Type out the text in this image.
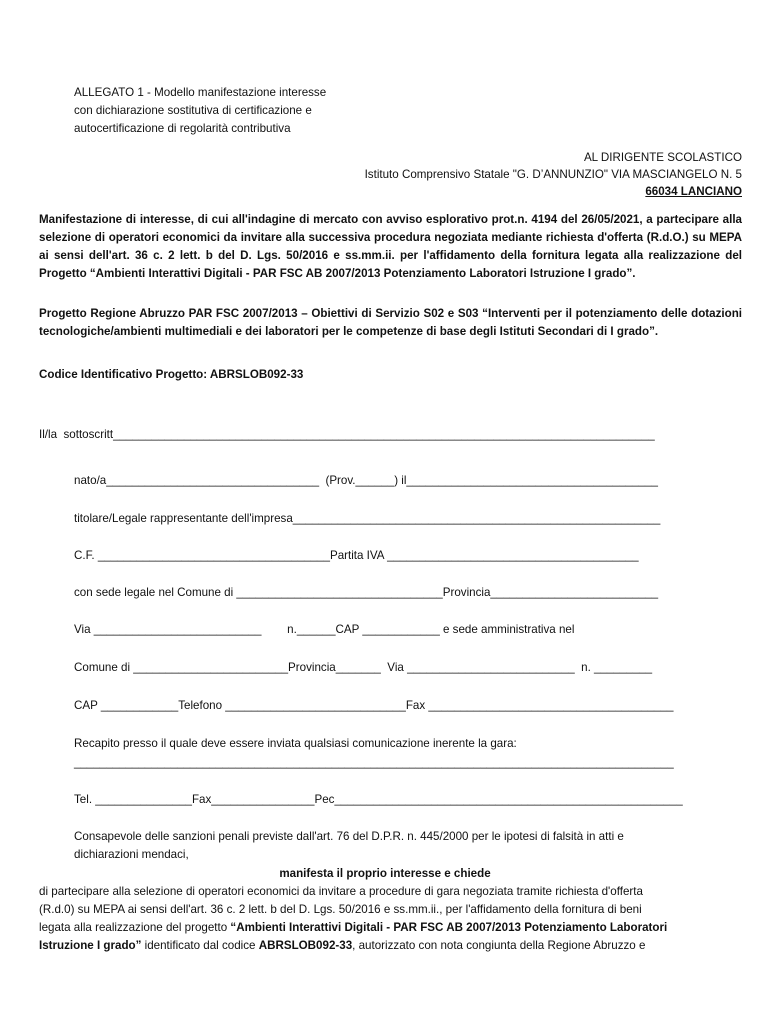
ALLEGATO 1 - Modello manifestazione interesse
con dichiarazione sostitutiva di certificazione e
autocertificazione di regolarità contributiva
AL DIRIGENTE SCOLASTICO
Istituto Comprensivo Statale "G. D’ANNUNZIO" VIA MASCIANGELO N. 5
66034 LANCIANO
Manifestazione di interesse, di cui all'indagine di mercato con avviso esplorativo prot.n. 4194 del 26/05/2021, a partecipare alla selezione di operatori economici da invitare alla successiva procedura negoziata mediante richiesta d'offerta (R.d.O.) su MEPA ai sensi dell'art. 36 c. 2 lett. b del D. Lgs. 50/2016 e ss.mm.ii. per l'affidamento della fornitura legata alla realizzazione del Progetto “Ambienti Interattivi Digitali - PAR FSC AB 2007/2013 Potenziamento Laboratori Istruzione I grado”.
Progetto Regione Abruzzo PAR FSC 2007/2013 – Obiettivi di Servizio S02 e S03 “Interventi per il potenziamento delle dotazioni tecnologiche/ambienti multimediali e dei laboratori per le competenze di base degli Istituti Secondari di I grado”.
Codice Identificativo Progetto: ABRSLOB092-33
Il/la  sottoscritt____________________________________________________________________________________
nato/a_________________________________  (Prov.______) il_______________________________________
titolare/Legale rappresentante dell'impresa_________________________________________________________
C.F. ____________________________________Partita IVA _______________________________________
con sede legale nel Comune di ________________________________Provincia__________________________
Via __________________________        n.______CAP ____________ e sede amministrativa nel
Comune di ________________________Provincia_______  Via __________________________  n. _________
CAP ____________Telefono ____________________________Fax ______________________________________
Recapito presso il quale deve essere inviata qualsiasi comunicazione inerente la gara:
_____________________________________________________________________________________________
Tel. _______________Fax________________Pec______________________________________________________
Consapevole delle sanzioni penali previste dall'art. 76 del D.P.R. n. 445/2000 per le ipotesi di falsità in atti e
dichiarazioni mendaci,
manifesta il proprio interesse e chiede
di partecipare alla selezione di operatori economici da invitare a procedure di gara negoziata tramite richiesta d'offerta
(R.d.0) su MEPA ai sensi dell'art. 36 c. 2 lett. b del D. Lgs. 50/2016 e ss.mm.ii., per l'affidamento della fornitura di beni
legata alla realizzazione del progetto “Ambienti Interattivi Digitali - PAR FSC AB 2007/2013 Potenziamento Laboratori
Istruzione I grado” identificato dal codice ABRSLOB092-33, autorizzato con nota congiunta della Regione Abruzzo e
